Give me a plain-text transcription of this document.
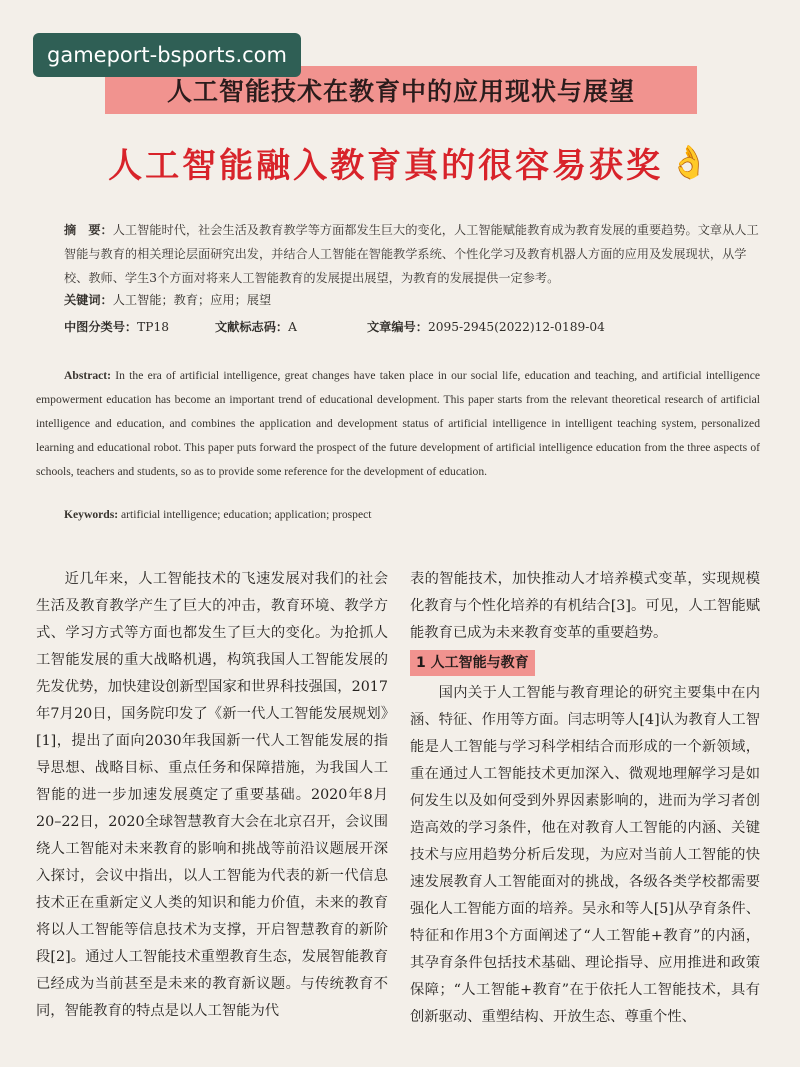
gameport-bsports.com
人工智能技术在教育中的应用现状与展望
人工智能融入教育真的很容易获奖 👌
摘　要：人工智能时代，社会生活及教育教学等方面都发生巨大的变化，人工智能赋能教育成为教育发展的重要趋势。文章从人工智能与教育的相关理论层面研究出发，并结合人工智能在智能教学系统、个性化学习及教育机器人方面的应用及发展现状，从学校、教师、学生3个方面对将来人工智能教育的发展提出展望，为教育的发展提供一定参考。
关键词：人工智能；教育；应用；展望
中图分类号：TP18	文献标志码：A	文章编号：2095-2945(2022)12-0189-04
Abstract: In the era of artificial intelligence, great changes have taken place in our social life, education and teaching, and artificial intelligence empowerment education has become an important trend of educational development. This paper starts from the relevant theoretical research of artificial intelligence and education, and combines the application and development status of artificial intelligence in intelligent teaching system, personalized learning and educational robot. This paper puts forward the prospect of the future development of artificial intelligence education from the three aspects of schools, teachers and students, so as to provide some reference for the development of education.
Keywords: artificial intelligence; education; application; prospect

近几年来，人工智能技术的飞速发展对我们的社会生活及教育教学产生了巨大的冲击，教育环境、教学方式、学习方式等方面也都发生了巨大的变化。为抢抓人工智能发展的重大战略机遇，构筑我国人工智能发展的先发优势，加快建设创新型国家和世界科技强国，2017年7月20日，国务院印发了《新一代人工智能发展规划》[1]，提出了面向2030年我国新一代人工智能发展的指导思想、战略目标、重点任务和保障措施，为我国人工智能的进一步加速发展奠定了重要基础。2020年8月20–22日，2020全球智慧教育大会在北京召开，会议围绕人工智能对未来教育的影响和挑战等前沿议题展开深入探讨，会议中指出，以人工智能为代表的新一代信息技术正在重新定义人类的知识和能力价值，未来的教育将以人工智能等信息技术为支撑，开启智慧教育的新阶段[2]。通过人工智能技术重塑教育生态，发展智能教育已经成为当前甚至是未来的教育新议题。与传统教育不同，智能教育的特点是以人工智能为代

表的智能技术，加快推动人才培养模式变革，实现规模化教育与个性化培养的有机结合[3]。可见，人工智能赋能教育已成为未来教育变革的重要趋势。

1 人工智能与教育

国内关于人工智能与教育理论的研究主要集中在内涵、特征、作用等方面。闫志明等人[4]认为教育人工智能是人工智能与学习科学相结合而形成的一个新领域，重在通过人工智能技术更加深入、微观地理解学习是如何发生以及如何受到外界因素影响的，进而为学习者创造高效的学习条件，他在对教育人工智能的内涵、关键技术与应用趋势分析后发现，为应对当前人工智能的快速发展教育人工智能面对的挑战，各级各类学校都需要强化人工智能方面的培养。吴永和等人[5]从孕育条件、特征和作用3个方面阐述了“人工智能+教育”的内涵，其孕育条件包括技术基础、理论指导、应用推进和政策保障；“人工智能+教育”在于依托人工智能技术，具有创新驱动、重塑结构、开放生态、尊重个性、
